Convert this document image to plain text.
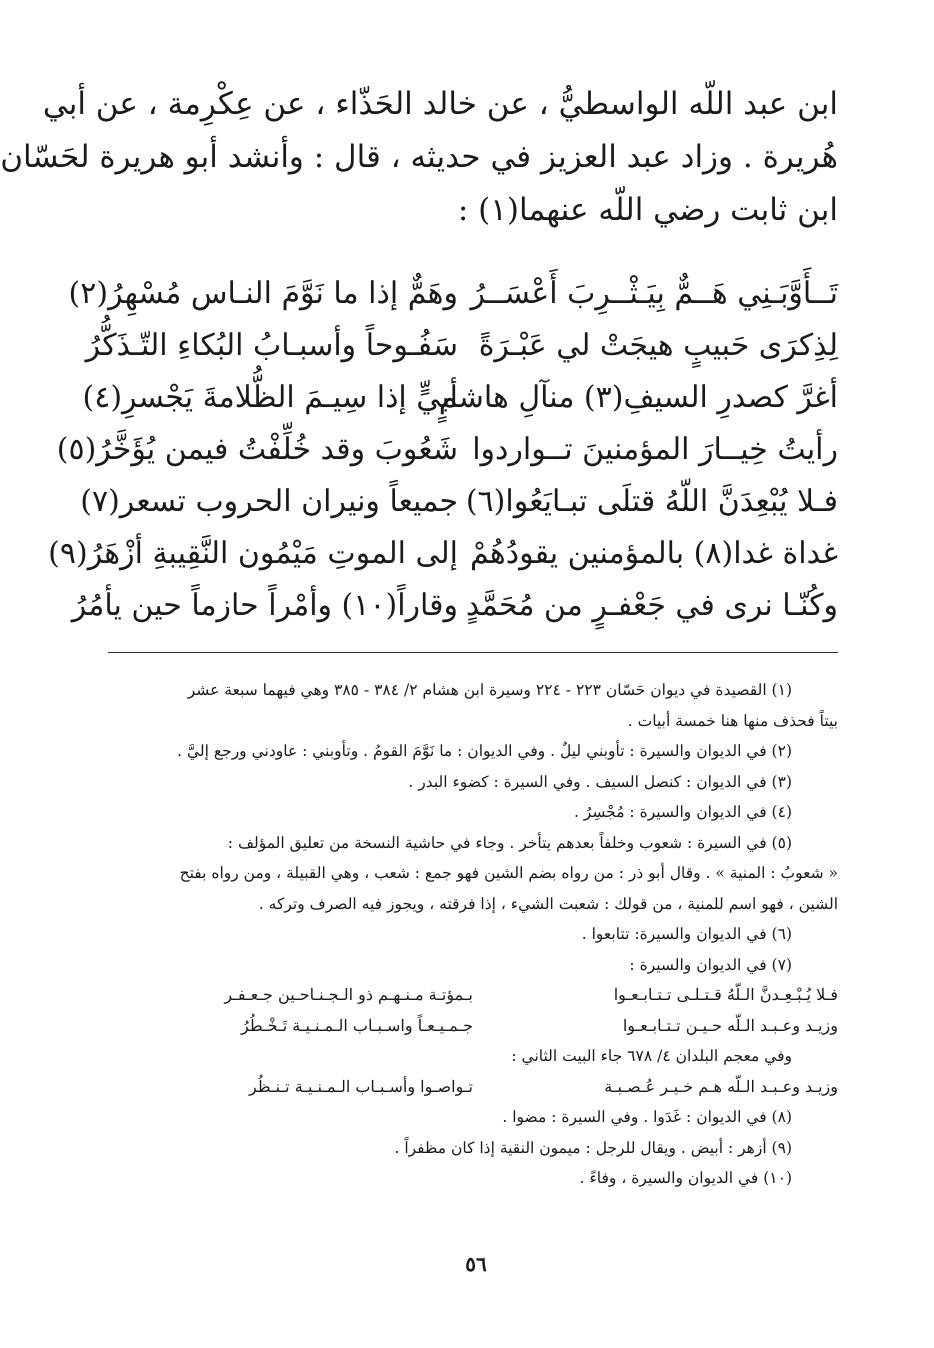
ابن عبد اللّه الواسطيُّ ، عن خالد الحَذّاء ، عن عِكْرِمة ، عن أبي

هُريرة . وزاد عبد العزيز في حديثه ، قال : وأنشد أبو هريرة لحَسّان

ابن ثابت رضي اللّه عنهما(١) :

تَــأَوَّبَـنِي هَــمٌّ بِيَـثْــرِبَ أَعْسَــرُ
وهَمٌّ إذا ما نَوَّمَ النـاس مُسْهِرُ(٢)
لِذِكرَى حَبيبٍ هيجَتْ لي عَبْـرَةً
سَفُـوحاً وأسبـابُ البُكاءِ التّـذَكُّرُ
أغرَّ كصدرِ السيفِ(٣) منآلِ هاشمٍ
أبيٍّ إذا سِيـمَ الظُّلامةَ يَجْسرِ(٤)
رأيتُ خِيــارَ المؤمنينَ تــواردوا
شَعُوبَ وقد خُلِّفْتُ فيمن يُؤَخَّرُ(٥)
فـلا يُبْعِدَنَّ اللّهُ قتلَى تبـايَعُوا(٦)
جميعاً ونيران الحروب تسعر(٧)
غداة غدا(٨) بالمؤمنين يقودُهُمْ
إلى الموتِ مَيْمُون النَّقِيبةِ أزْهَرُ(٩)
وكُنّـا نرى في جَعْفـرٍ من مُحَمَّدٍ
وقاراً(١٠) وأمْراً حازماً حين يأمُرُ
(١) القصيدة في ديوان حَسّان ٢٢٣ - ٢٢٤ وسيرة ابن هشام ٢/ ٣٨٤ - ٣٨٥ وهي فيهما سبعة عشر
بيتاً فحذف منها هنا خمسة أبيات .
(٢) في الديوان والسيرة : تأوبني ليلٌ . وفي الديوان : ما نَوَّمَ القومُ . وتأوبني : عاودني ورجع إليَّ .
(٣) في الديوان : كنصل السيف . وفي السيرة : كضوء البدر .
(٤) في الديوان والسيرة : مُجْسِرُ .
(٥) في السيرة : شعوب وخلفاً بعدهم يتأخر . وجاء في حاشية النسخة من تعليق المؤلف :
« شعوبُ : المنية » . وقال أبو ذر : من رواه بضم الشين فهو جمع : شعب ، وهي القبيلة ، ومن رواه بفتح
الشين ، فهو اسم للمنية ، من قولك : شعبت الشيء ، إذا فرقته ، ويجوز فيه الصرف وتركه .
(٦) في الديوان والسيرة: تتابعوا .
(٧) في الديوان والسيرة :
فـلا يُـبْـعِـدنَّ الـلّهُ قـتـلـى تـتـابـعـوا
بـمؤتـة مـنـهـم ذو الـجـنـاحـين جـعـفـر
وزيـد وعـبـد الـلّه حـيـن تـتـابـعـوا
جـمـيـعـاً واسـبـاب الـمـنـيـة تَـخْـطُرُ
وفي معجم البلدان ٤/ ٦٧٨ جاء البيت الثاني :
وزيـد وعـبـد الـلّه هـم خـيـر عُـصـبـة
تـواصـوا وأسـبـاب الـمـنـيـة تـنـظُر
(٨) في الديوان : غَدَوا . وفي السيرة : مضوا .
(٩) أزهر : أبيض . ويقال للرجل : ميمون النقية إذا كان مظفراً .
(١٠) في الديوان والسيرة ، وفاءً .
٥٦
